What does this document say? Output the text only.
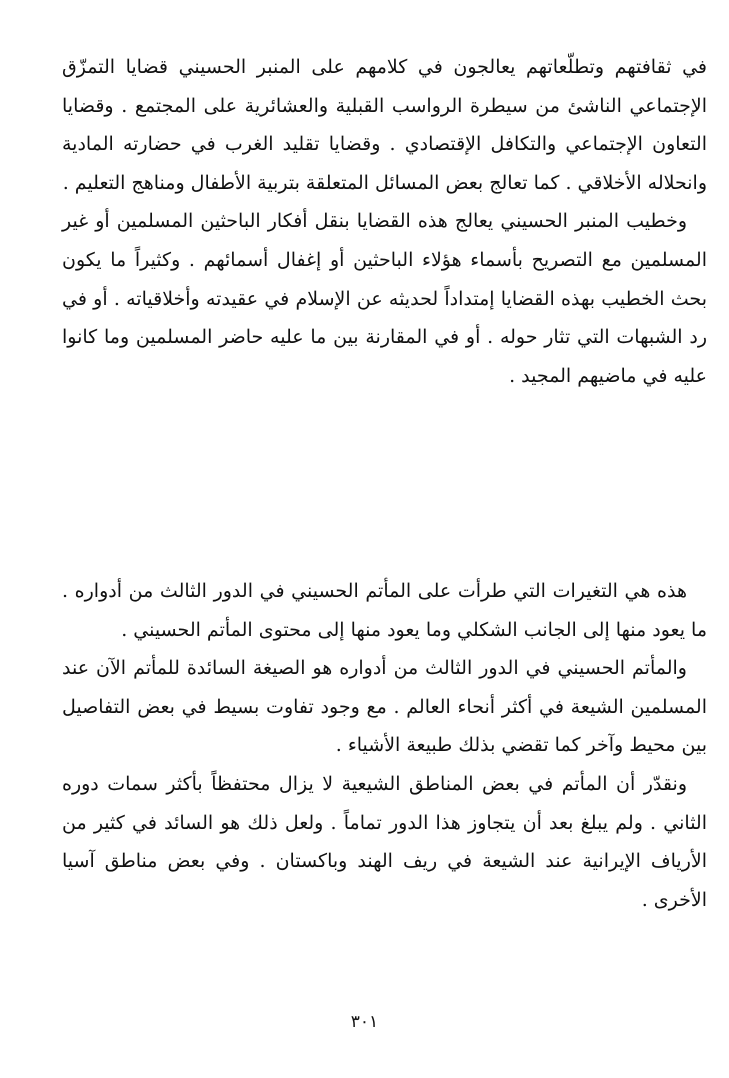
في ثقافتهم وتطلّعاتهم يعالجون في كلامهم على المنبر الحسيني قضايا التمزّق الإجتماعي الناشئ من سيطرة الرواسب القبلية والعشائرية على المجتمع . وقضايا التعاون الإجتماعي والتكافل الإقتصادي . وقضايا تقليد الغرب في حضارته المادية وانحلاله الأخلاقي . كما تعالج بعض المسائل المتعلقة بتربية الأطفال ومناهج التعليم .

وخطيب المنبر الحسيني يعالج هذه القضايا بنقل أفكار الباحثين المسلمين أو غير المسلمين مع التصريح بأسماء هؤلاء الباحثين أو إغفال أسمائهم . وكثيراً ما يكون بحث الخطيب بهذه القضايا إمتداداً لحديثه عن الإسلام في عقيدته وأخلاقياته . أو في رد الشبهات التي تثار حوله . أو في المقارنة بين ما عليه حاضر المسلمين وما كانوا عليه في ماضيهم المجيد .

هذه هي التغيرات التي طرأت على المأتم الحسيني في الدور الثالث من أدواره . ما يعود منها إلى الجانب الشكلي وما يعود منها إلى محتوى المأتم الحسيني .

والمأتم الحسيني في الدور الثالث من أدواره هو الصيغة السائدة للمأتم الآن عند المسلمين الشيعة في أكثر أنحاء العالم . مع وجود تفاوت بسيط في بعض التفاصيل بين محيط وآخر كما تقضي بذلك طبيعة الأشياء .

ونقدّر أن المأتم في بعض المناطق الشيعية لا يزال محتفظاً بأكثر سمات دوره الثاني . ولم يبلغ بعد أن يتجاوز هذا الدور تماماً . ولعل ذلك هو السائد في كثير من الأرياف الإيرانية عند الشيعة في ريف الهند وباكستان . وفي بعض مناطق آسيا الأخرى .

٣٠١
